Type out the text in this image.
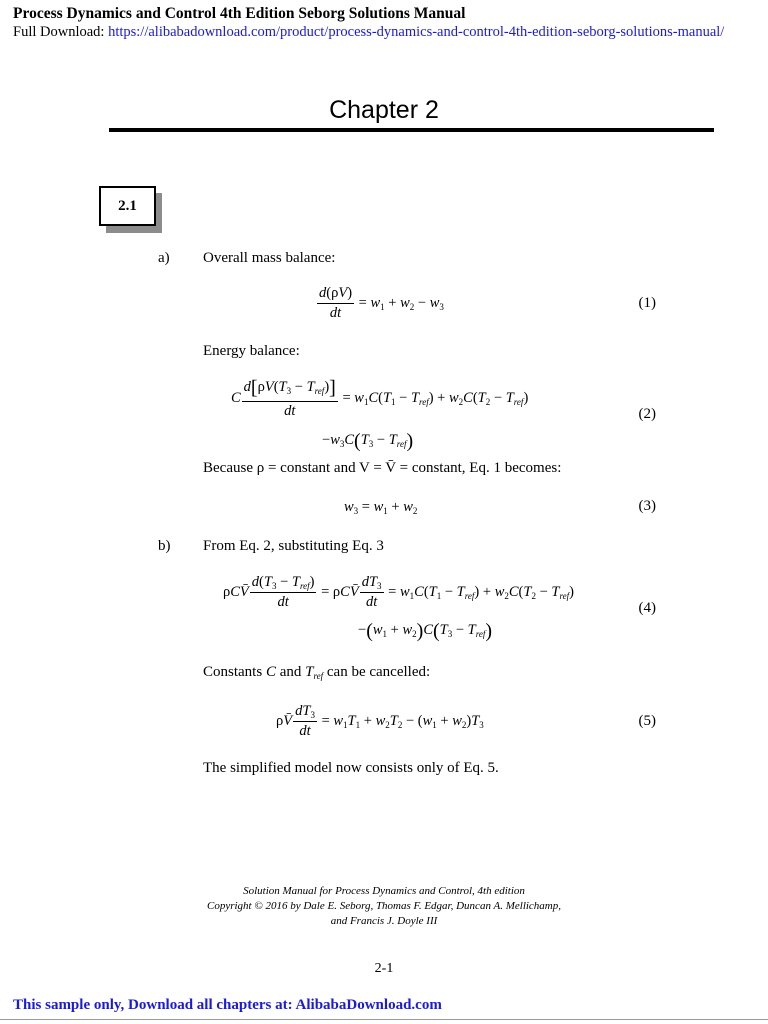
Process Dynamics and Control 4th Edition Seborg Solutions Manual
Full Download: https://alibabadownload.com/product/process-dynamics-and-control-4th-edition-seborg-solutions-manual/
Chapter 2
2.1
a) Overall mass balance:
$\frac{d(\rho V)}{dt} = w_1 + w_2 - w_3$	(1)
Energy balance:
C $\frac{d[\rho V(T_3 - T_{ref})]}{dt} = w_1C(T_1 - T_{ref}) + w_2C(T_2 - T_{ref})$
$-w_3C(T_3 - T_{ref})$
(2)
Because ρ = constant and V = V̄ = constant, Eq. 1 becomes:
$w_3 = w_1 + w_2$	(3)
b) From Eq. 2, substituting Eq. 3
ρCV̄ $\frac{d(T_3 - T_{ref})}{dt}$ = ρCV̄ $\frac{dT_3}{dt} = w_1C(T_1 - T_{ref}) + w_2C(T_2 - T_{ref})$
$-(w_1 + w_2)C(T_3 - T_{ref})$
(4)
Constants C and $T_{ref}$ can be cancelled:
ρV̄ $\frac{dT_3}{dt} = w_1T_1 + w_2T_2 - (w_1 + w_2)T_3$	(5)
The simplified model now consists only of Eq. 5.
Solution Manual for Process Dynamics and Control, 4th edition
Copyright © 2016 by Dale E. Seborg, Thomas F. Edgar, Duncan A. Mellichamp,
and Francis J. Doyle III
2-1
This sample only, Download all chapters at: AlibabaDownload.com
